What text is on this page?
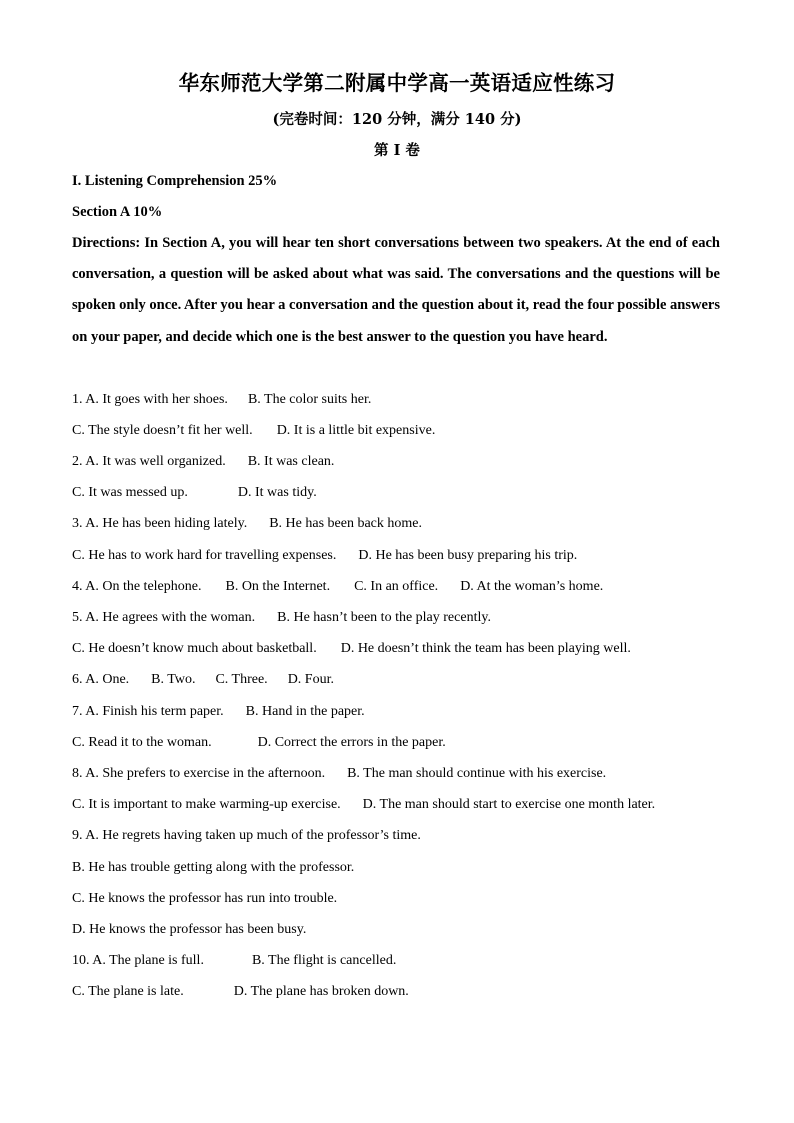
华东师范大学第二附属中学高一英语适应性练习
(完卷时间：120 分钟，满分 140 分)
第 I 卷
I. Listening Comprehension 25%
Section A 10%
Directions: In Section A, you will hear ten short conversations between two speakers. At the end of each conversation, a question will be asked about what was said. The conversations and the questions will be spoken only once. After you hear a conversation and the question about it, read the four possible answers on your paper, and decide which one is the best answer to the question you have heard.
1. A. It goes with her shoes. B. The color suits her.
C. The style doesn’t fit her well. D. It is a little bit expensive.
2. A. It was well organized. B. It was clean.
C. It was messed up.	D. It was tidy.
3. A. He has been hiding lately. B. He has been back home.
C. He has to work hard for travelling expenses. D. He has been busy preparing his trip.
4. A. On the telephone. B. On the Internet. C. In an office. D. At the woman’s home.
5. A. He agrees with the woman. B. He hasn’t been to the play recently.
C. He doesn’t know much about basketball. D. He doesn’t think the team has been playing well.
6. A. One. B. Two. C. Three. D. Four.
7. A. Finish his term paper. B. Hand in the paper.
C. Read it to the woman.	D. Correct the errors in the paper.
8. A. She prefers to exercise in the afternoon. B. The man should continue with his exercise.
C. It is important to make warming-up exercise. D. The man should start to exercise one month later.
9. A. He regrets having taken up much of the professor’s time.
B. He has trouble getting along with the professor.
C. He knows the professor has run into trouble.
D. He knows the professor has been busy.
10. A. The plane is full.	B. The flight is cancelled.
C. The plane is late.	D. The plane has broken down.
